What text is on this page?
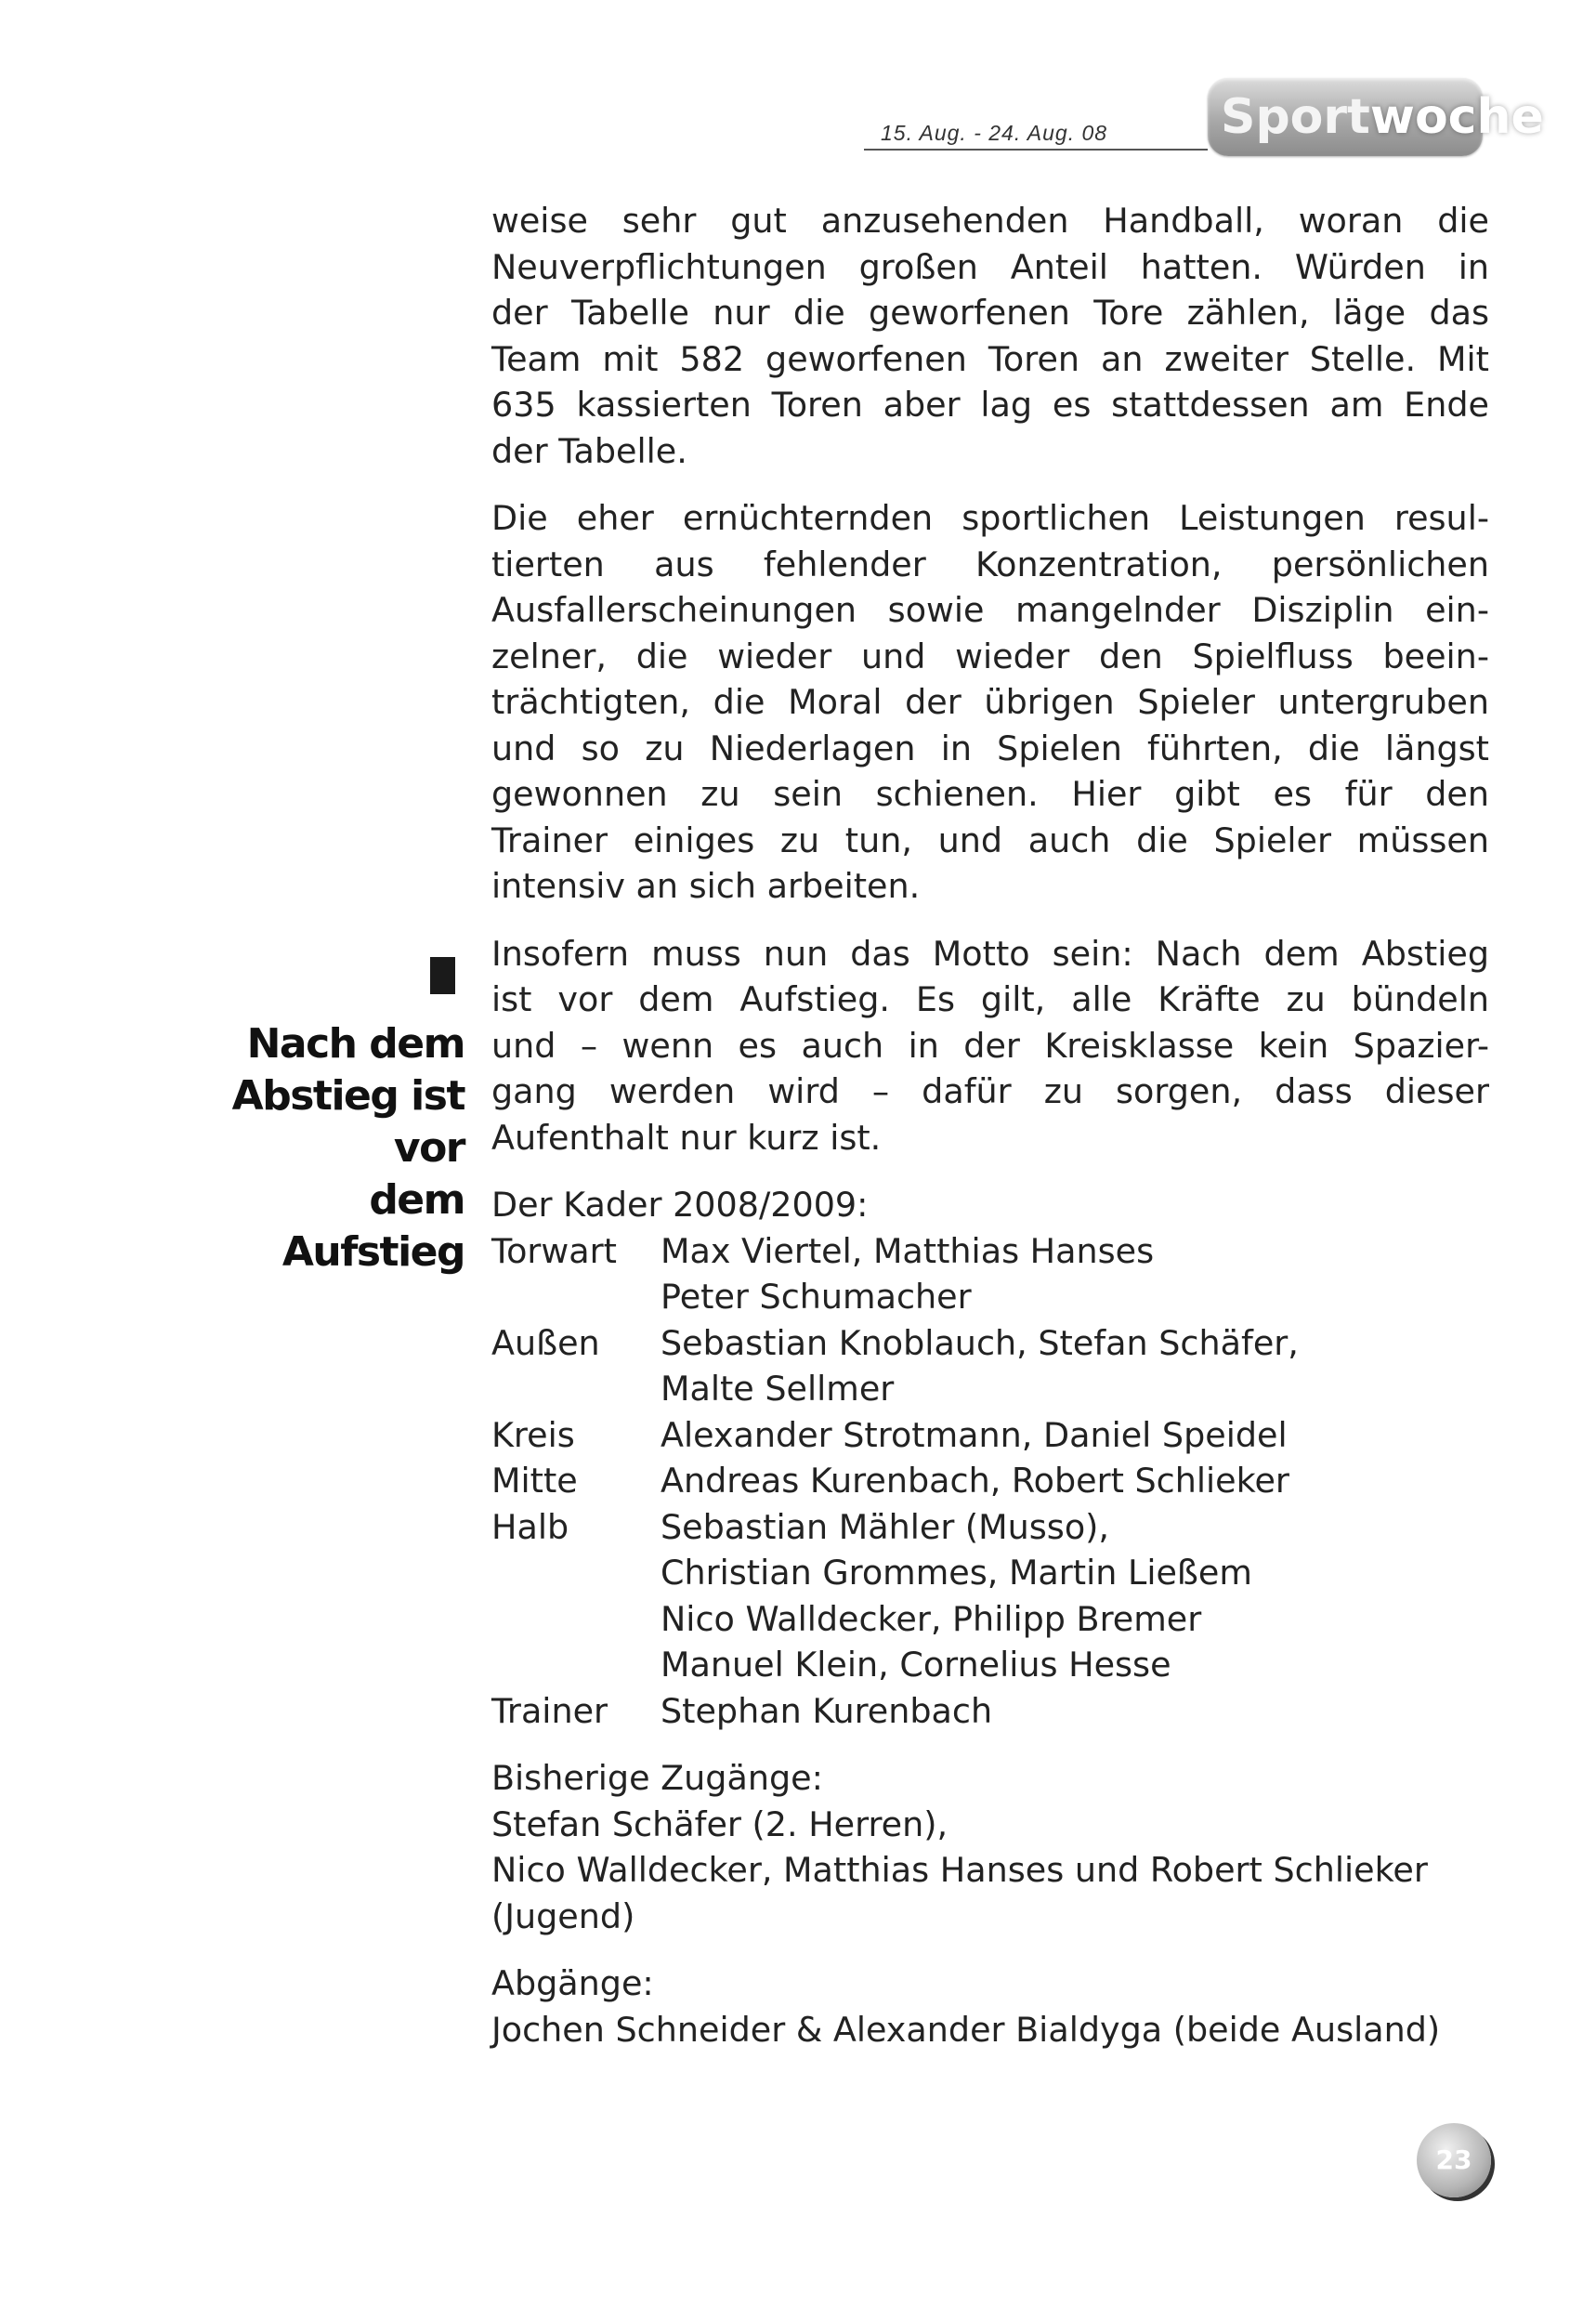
15. Aug. - 24. Aug. 08 Sportwoche
Nach dem
Abstieg ist vor
dem Aufstieg
weise sehr gut anzusehenden Handball, woran die
Neuverpflichtungen großen Anteil hatten. Würden in
der Tabelle nur die geworfenen Tore zählen, läge das
Team mit 582 geworfenen Toren an zweiter Stelle. Mit
635 kassierten Toren aber lag es stattdessen am Ende
der Tabelle.
Die eher ernüchternden sportlichen Leistungen resul-
tierten aus fehlender Konzentration, persönlichen
Ausfallerscheinungen sowie mangelnder Disziplin ein-
zelner, die wieder und wieder den Spielfluss beein-
trächtigten, die Moral der übrigen Spieler untergruben
und so zu Niederlagen in Spielen führten, die längst
gewonnen zu sein schienen. Hier gibt es für den
Trainer einiges zu tun, und auch die Spieler müssen
intensiv an sich arbeiten.
Insofern muss nun das Motto sein: Nach dem Abstieg
ist vor dem Aufstieg. Es gilt, alle Kräfte zu bündeln
und – wenn es auch in der Kreisklasse kein Spazier-
gang werden wird – dafür zu sorgen, dass dieser
Aufenthalt nur kurz ist.
Der Kader 2008/2009:
Torwart	Max Viertel, Matthias Hanses
Peter Schumacher

Außen	Sebastian Knoblauch, Stefan Schäfer,
Malte Sellmer

Kreis	Alexander Strotmann, Daniel Speidel

Mitte	Andreas Kurenbach, Robert Schlieker

Halb	Sebastian Mähler (Musso),
Christian Grommes, Martin Ließem
Nico Walldecker, Philipp Bremer
Manuel Klein, Cornelius Hesse

Trainer	Stephan Kurenbach
Bisherige Zugänge:
Stefan Schäfer (2. Herren),
Nico Walldecker, Matthias Hanses und Robert Schlieker
(Jugend)
Abgänge:
Jochen Schneider & Alexander Bialdyga (beide Ausland)
23
